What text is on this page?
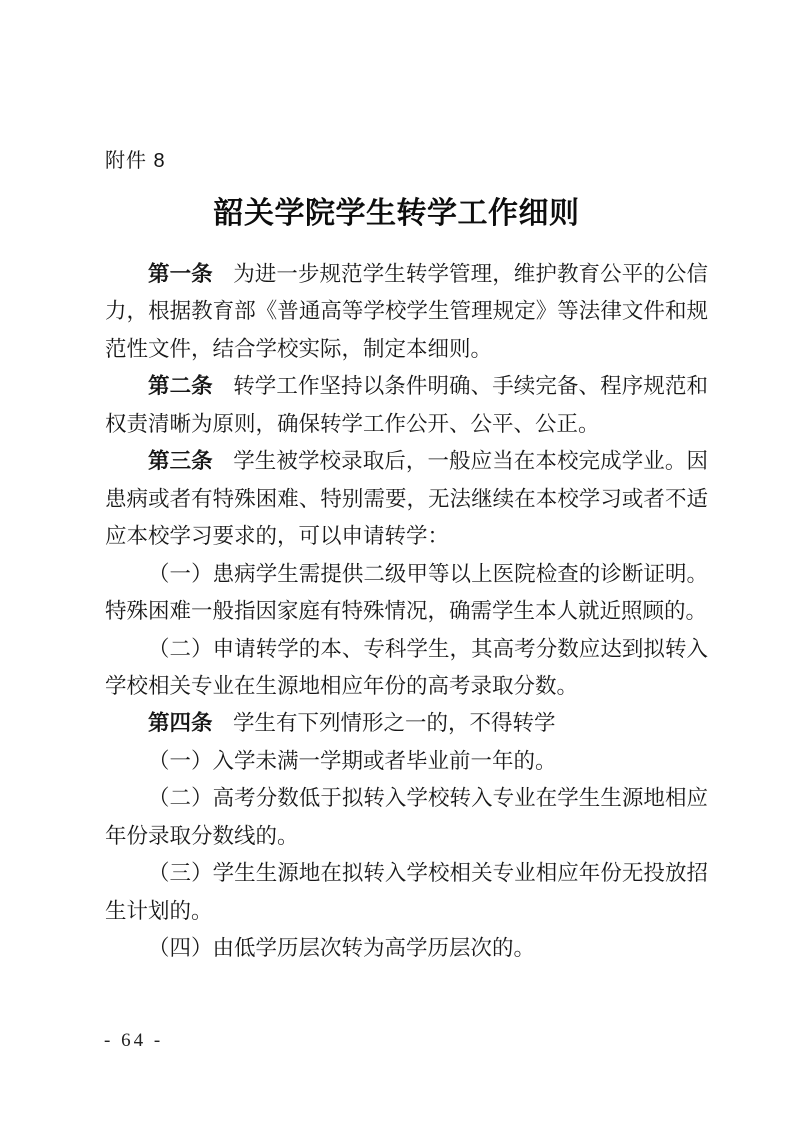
附件 8
韶关学院学生转学工作细则

第一条 为进一步规范学生转学管理，维护教育公平的公信力，根据教育部《普通高等学校学生管理规定》等法律文件和规范性文件，结合学校实际，制定本细则。

第二条 转学工作坚持以条件明确、手续完备、程序规范和权责清晰为原则，确保转学工作公开、公平、公正。

第三条 学生被学校录取后，一般应当在本校完成学业。因患病或者有特殊困难、特别需要，无法继续在本校学习或者不适应本校学习要求的，可以申请转学：

（一）患病学生需提供二级甲等以上医院检查的诊断证明。特殊困难一般指因家庭有特殊情况，确需学生本人就近照顾的。

（二）申请转学的本、专科学生，其高考分数应达到拟转入学校相关专业在生源地相应年份的高考录取分数。

第四条 学生有下列情形之一的，不得转学

（一）入学未满一学期或者毕业前一年的。

（二）高考分数低于拟转入学校转入专业在学生生源地相应年份录取分数线的。

（三）学生生源地在拟转入学校相关专业相应年份无投放招生计划的。

（四）由低学历层次转为高学历层次的。

- 64 -
